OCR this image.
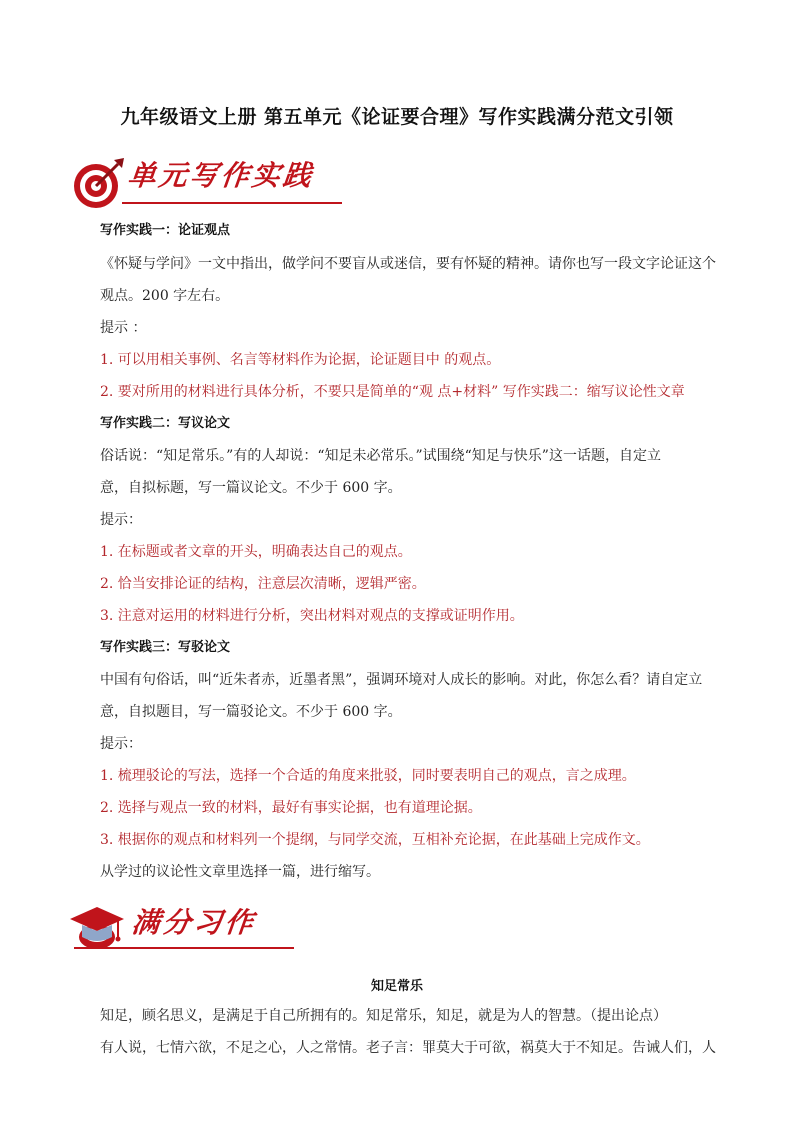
九年级语文上册 第五单元《论证要合理》写作实践满分范文引领
单元写作实践
写作实践一：论证观点
《怀疑与学问》一文中指出，做学问不要盲从或迷信，要有怀疑的精神。请你也写一段文字论证这个
观点。200 字左右。
提示 ：
1. 可以用相关事例、名言等材料作为论据，论证题目中 的观点。
2. 要对所用的材料进行具体分析，不要只是简单的“观 点+材料” 写作实践二：缩写议论性文章
写作实践二：写议论文
俗话说：“知足常乐。”有的人却说：“知足未必常乐。”试围绕“知足与快乐”这一话题，自定立
意，自拟标题，写一篇议论文。不少于 600 字。
提示：
1. 在标题或者文章的开头，明确表达自己的观点。
2. 恰当安排论证的结构，注意层次清晰，逻辑严密。
3. 注意对运用的材料进行分析，突出材料对观点的支撑或证明作用。
写作实践三：写驳论文
中国有句俗话，叫“近朱者赤，近墨者黑”，强调环境对人成长的影响。对此，你怎么看？请自定立
意，自拟题目，写一篇驳论文。不少于 600 字。
提示：
1. 梳理驳论的写法，选择一个合适的角度来批驳，同时要表明自己的观点，言之成理。
2. 选择与观点一致的材料，最好有事实论据，也有道理论据。
3. 根据你的观点和材料列一个提纲，与同学交流，互相补充论据，在此基础上完成作文。
从学过的议论性文章里选择一篇，进行缩写。
满分习作
知足常乐
知足，顾名思义，是满足于自己所拥有的。知足常乐，知足，就是为人的智慧。（提出论点）
有人说，七情六欲，不足之心，人之常情。老子言：罪莫大于可欲，祸莫大于不知足。告诫人们，人
